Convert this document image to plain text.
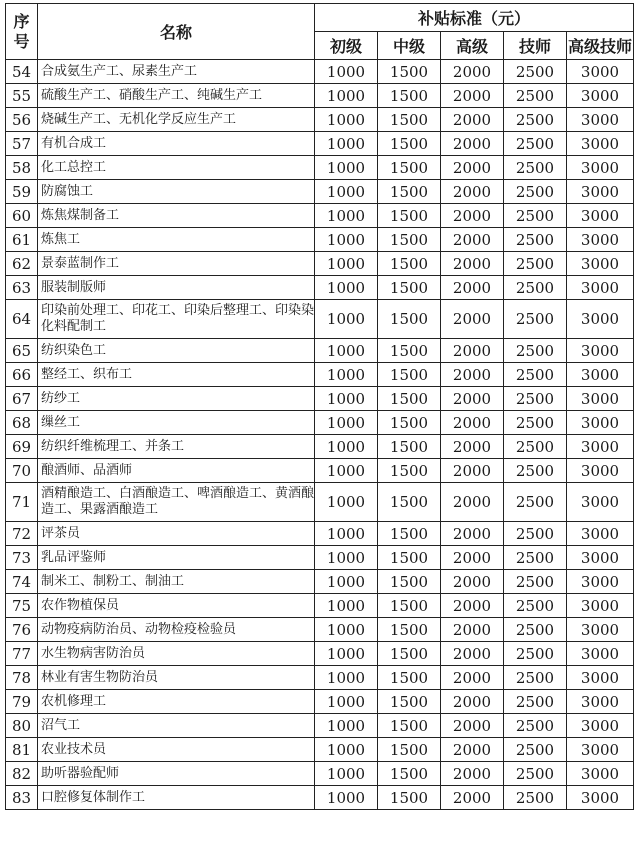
序号	名称	补贴标准（元）				
		初级	中级	高级	技师	高级技师
54	合成氨生产工、尿素生产工	1000	1500	2000	2500	3000
55	硫酸生产工、硝酸生产工、纯碱生产工	1000	1500	2000	2500	3000
56	烧碱生产工、无机化学反应生产工	1000	1500	2000	2500	3000
57	有机合成工	1000	1500	2000	2500	3000
58	化工总控工	1000	1500	2000	2500	3000
59	防腐蚀工	1000	1500	2000	2500	3000
60	炼焦煤制备工	1000	1500	2000	2500	3000
61	炼焦工	1000	1500	2000	2500	3000
62	景泰蓝制作工	1000	1500	2000	2500	3000
63	服装制版师	1000	1500	2000	2500	3000
64	印染前处理工、印花工、印染后整理工、印染染化料配制工	1000	1500	2000	2500	3000
65	纺织染色工	1000	1500	2000	2500	3000
66	整经工、织布工	1000	1500	2000	2500	3000
67	纺纱工	1000	1500	2000	2500	3000
68	缫丝工	1000	1500	2000	2500	3000
69	纺织纤维梳理工、并条工	1000	1500	2000	2500	3000
70	酿酒师、品酒师	1000	1500	2000	2500	3000
71	酒精酿造工、白酒酿造工、啤酒酿造工、黄酒酿造工、果露酒酿造工	1000	1500	2000	2500	3000
72	评茶员	1000	1500	2000	2500	3000
73	乳品评鉴师	1000	1500	2000	2500	3000
74	制米工、制粉工、制油工	1000	1500	2000	2500	3000
75	农作物植保员	1000	1500	2000	2500	3000
76	动物疫病防治员、动物检疫检验员	1000	1500	2000	2500	3000
77	水生物病害防治员	1000	1500	2000	2500	3000
78	林业有害生物防治员	1000	1500	2000	2500	3000
79	农机修理工	1000	1500	2000	2500	3000
80	沼气工	1000	1500	2000	2500	3000
81	农业技术员	1000	1500	2000	2500	3000
82	助听器验配师	1000	1500	2000	2500	3000
83	口腔修复体制作工	1000	1500	2000	2500	3000
